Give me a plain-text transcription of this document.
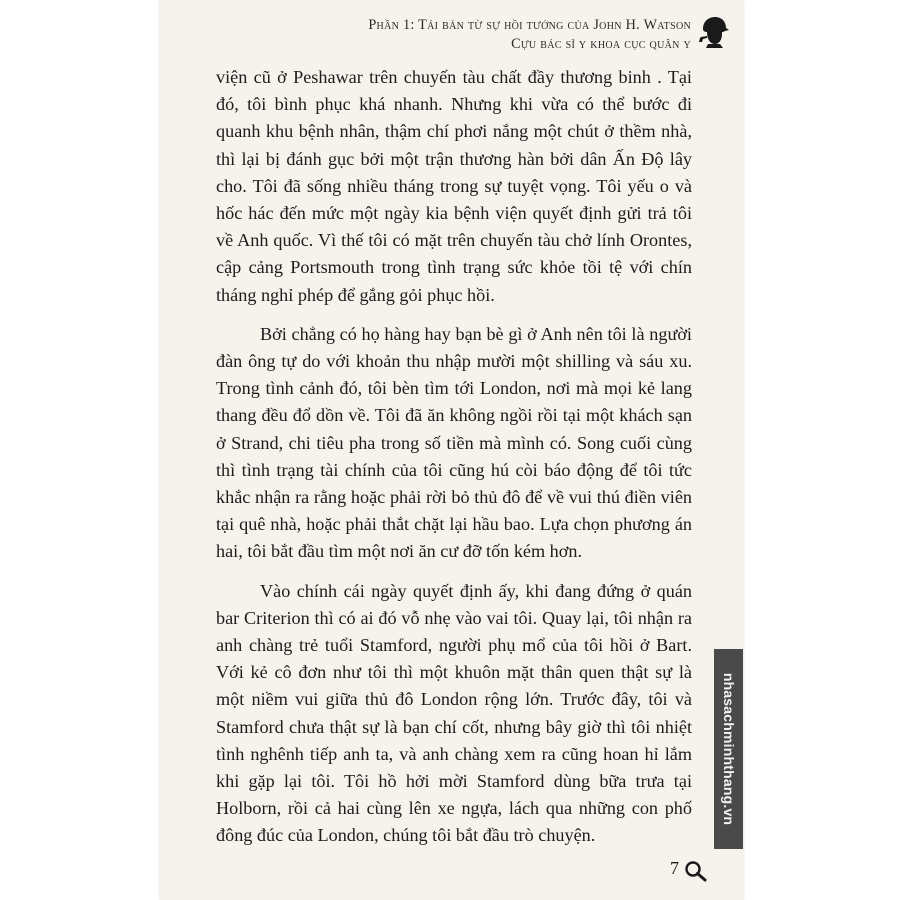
Phần 1: Tái bản từ sự hồi tưởng của John H. Watson
Cựu bác sĩ y khoa cục quân y

viện cũ ở Peshawar trên chuyến tàu chất đầy thương binh . Tại đó, tôi bình phục khá nhanh. Nhưng khi vừa có thể bước đi quanh khu bệnh nhân, thậm chí phơi nắng một chút ở thềm nhà, thì lại bị đánh gục bởi một trận thương hàn bởi dân Ấn Độ lây cho. Tôi đã sống nhiều tháng trong sự tuyệt vọng. Tôi yếu o và hốc hác đến mức một ngày kia bệnh viện quyết định gửi trả tôi về Anh quốc. Vì thế tôi có mặt trên chuyến tàu chở lính Orontes, cập cảng Portsmouth trong tình trạng sức khỏe tồi tệ với chín tháng nghỉ phép để gắng gỏi phục hồi.

Bởi chẳng có họ hàng hay bạn bè gì ở Anh nên tôi là người đàn ông tự do với khoản thu nhập mười một shilling và sáu xu. Trong tình cảnh đó, tôi bèn tìm tới London, nơi mà mọi kẻ lang thang đều đổ dồn về. Tôi đã ăn không ngồi rồi tại một khách sạn ở Strand, chi tiêu pha trong số tiền mà mình có. Song cuối cùng thì tình trạng tài chính của tôi cũng hú còi báo động để tôi tức khắc nhận ra rằng hoặc phải rời bỏ thủ đô để về vui thú điền viên tại quê nhà, hoặc phải thắt chặt lại hầu bao. Lựa chọn phương án hai, tôi bắt đầu tìm một nơi ăn cư đỡ tốn kém hơn.

Vào chính cái ngày quyết định ấy, khi đang đứng ở quán bar Criterion thì có ai đó vỗ nhẹ vào vai tôi. Quay lại, tôi nhận ra anh chàng trẻ tuổi Stamford, người phụ mổ của tôi hồi ở Bart. Với kẻ cô đơn như tôi thì một khuôn mặt thân quen thật sự là một niềm vui giữa thủ đô London rộng lớn. Trước đây, tôi và Stamford chưa thật sự là bạn chí cốt, nhưng bây giờ thì tôi nhiệt tình nghênh tiếp anh ta, và anh chàng xem ra cũng hoan hỉ lắm khi gặp lại tôi. Tôi hồ hởi mời Stamford dùng bữa trưa tại Holborn, rồi cả hai cùng lên xe ngựa, lách qua những con phố đông đúc của London, chúng tôi bắt đầu trò chuyện.

7
nhasachminhthang.vn
